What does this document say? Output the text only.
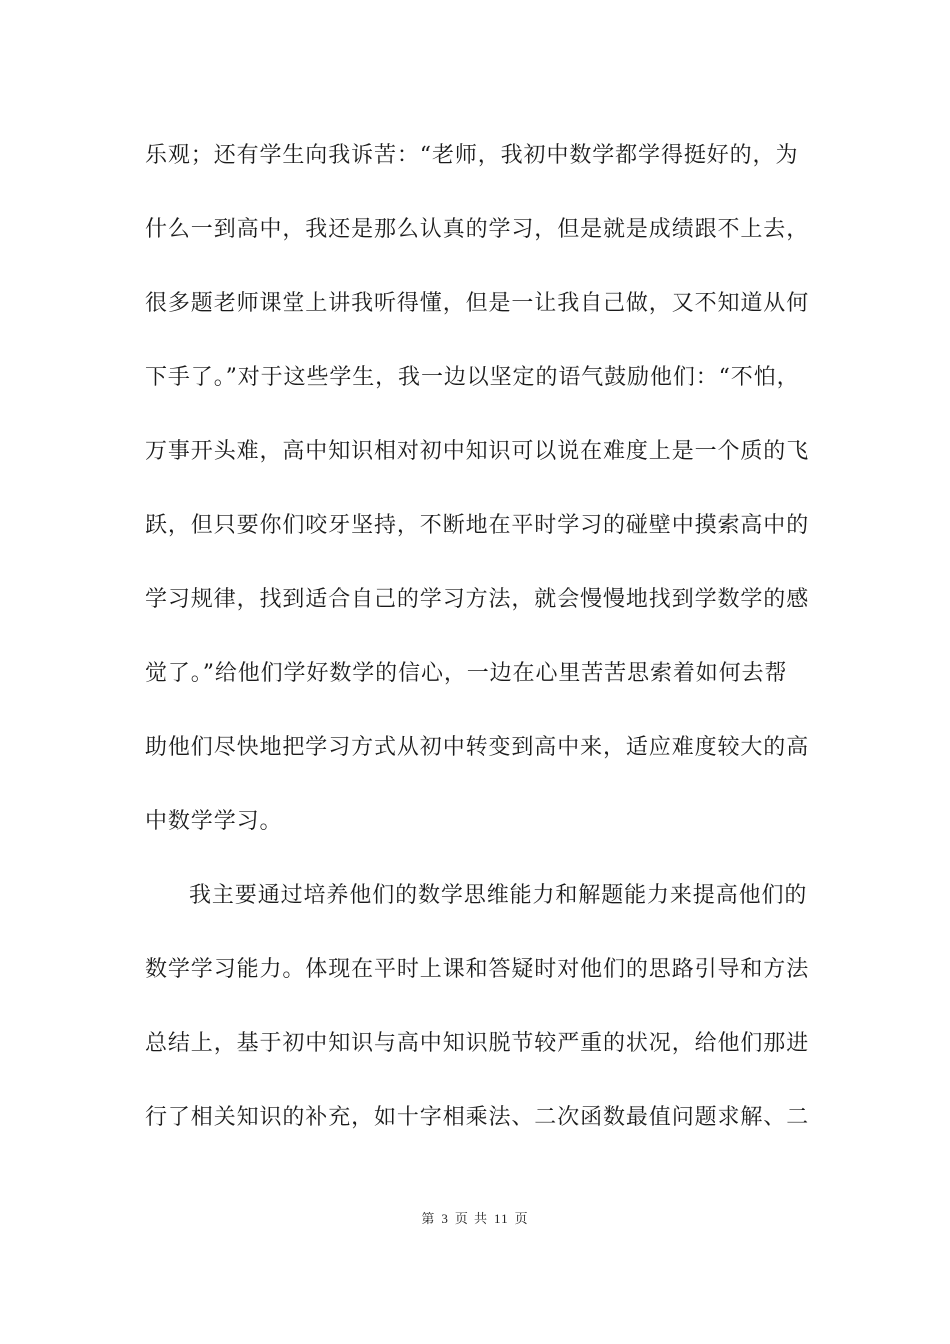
乐观；还有学生向我诉苦：“老师，我初中数学都学得挺好的，为
什么一到高中，我还是那么认真的学习，但是就是成绩跟不上去，
很多题老师课堂上讲我听得懂，但是一让我自己做，又不知道从何
下手了。”对于这些学生，我一边以坚定的语气鼓励他们：“不怕，
万事开头难，高中知识相对初中知识可以说在难度上是一个质的飞
跃，但只要你们咬牙坚持，不断地在平时学习的碰壁中摸索高中的
学习规律，找到适合自己的学习方法，就会慢慢地找到学数学的感
觉了。”给他们学好数学的信心，一边在心里苦苦思索着如何去帮
助他们尽快地把学习方式从初中转变到高中来，适应难度较大的高
中数学学习。
我主要通过培养他们的数学思维能力和解题能力来提高他们的
数学学习能力。体现在平时上课和答疑时对他们的思路引导和方法
总结上，基于初中知识与高中知识脱节较严重的状况，给他们那进
行了相关知识的补充，如十字相乘法、二次函数最值问题求解、二
第 3 页 共 11 页
